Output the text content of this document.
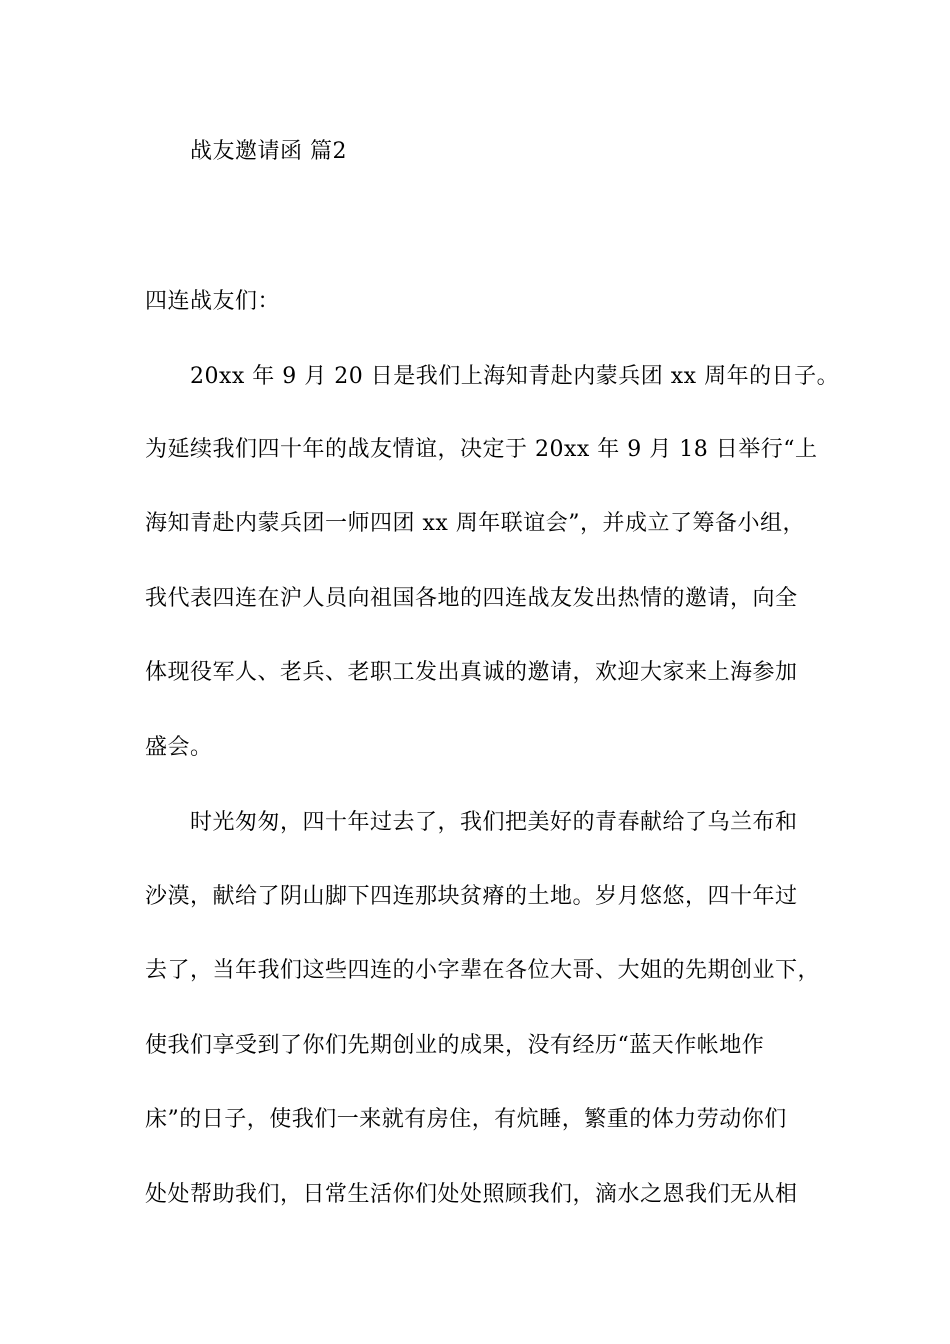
战友邀请函 篇2
四连战友们：
20xx 年 9 月 20 日是我们上海知青赴内蒙兵团 xx 周年的日子。
为延续我们四十年的战友情谊，决定于 20xx 年 9 月 18 日举行“上
海知青赴内蒙兵团一师四团 xx 周年联谊会”，并成立了筹备小组，
我代表四连在沪人员向祖国各地的四连战友发出热情的邀请，向全
体现役军人、老兵、老职工发出真诚的邀请，欢迎大家来上海参加
盛会。
时光匆匆，四十年过去了，我们把美好的青春献给了乌兰布和
沙漠，献给了阴山脚下四连那块贫瘠的土地。岁月悠悠，四十年过
去了，当年我们这些四连的小字辈在各位大哥、大姐的先期创业下，
使我们享受到了你们先期创业的成果，没有经历“蓝天作帐地作
床”的日子，使我们一来就有房住，有炕睡，繁重的体力劳动你们
处处帮助我们，日常生活你们处处照顾我们，滴水之恩我们无从相
